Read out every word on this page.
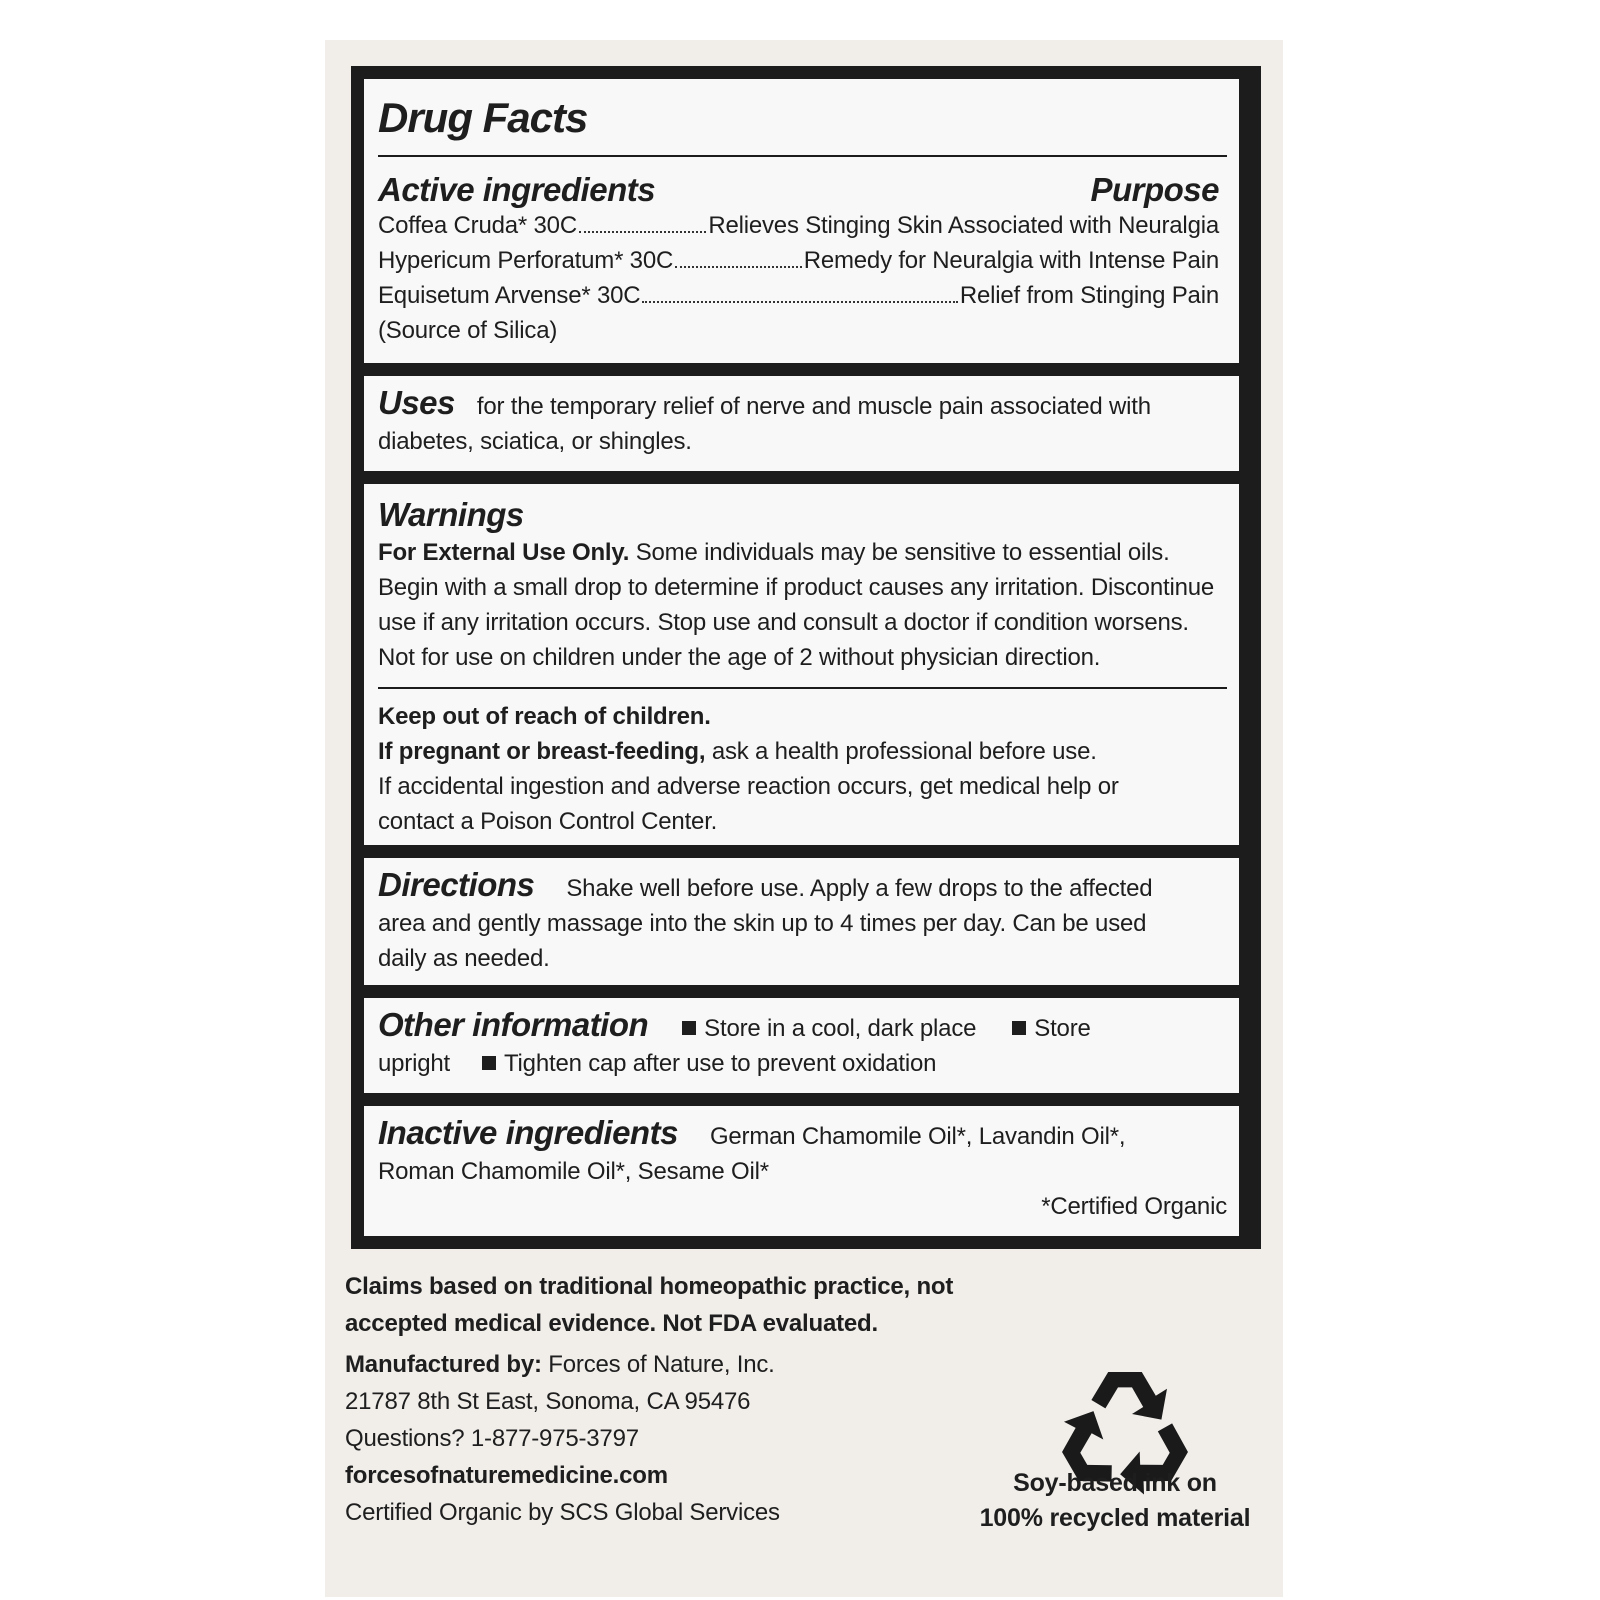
Drug Facts
Active ingredients	Purpose
Coffea Cruda* 30C	Relieves Stinging Skin Associated with Neuralgia
Hypericum Perforatum* 30C	Remedy for Neuralgia with Intense Pain
Equisetum Arvense* 30C	Relief from Stinging Pain
(Source of Silica)
Uses for the temporary relief of nerve and muscle pain associated with diabetes, sciatica, or shingles.
Warnings
For External Use Only. Some individuals may be sensitive to essential oils. Begin with a small drop to determine if product causes any irritation. Discontinue use if any irritation occurs. Stop use and consult a doctor if condition worsens. Not for use on children under the age of 2 without physician direction.
Keep out of reach of children.
If pregnant or breast-feeding, ask a health professional before use.
If accidental ingestion and adverse reaction occurs, get medical help or contact a Poison Control Center.
Directions Shake well before use. Apply a few drops to the affected area and gently massage into the skin up to 4 times per day. Can be used daily as needed.
Other information Store in a cool, dark place Store upright Tighten cap after use to prevent oxidation
Inactive ingredients German Chamomile Oil*, Lavandin Oil*, Roman Chamomile Oil*, Sesame Oil*
*Certified Organic
Claims based on traditional homeopathic practice, not accepted medical evidence. Not FDA evaluated.
Manufactured by: Forces of Nature, Inc.
21787 8th St East, Sonoma, CA 95476
Questions? 1-877-975-3797
forcesofnaturemedicine.com
Certified Organic by SCS Global Services
Soy-based ink on
100% recycled material
